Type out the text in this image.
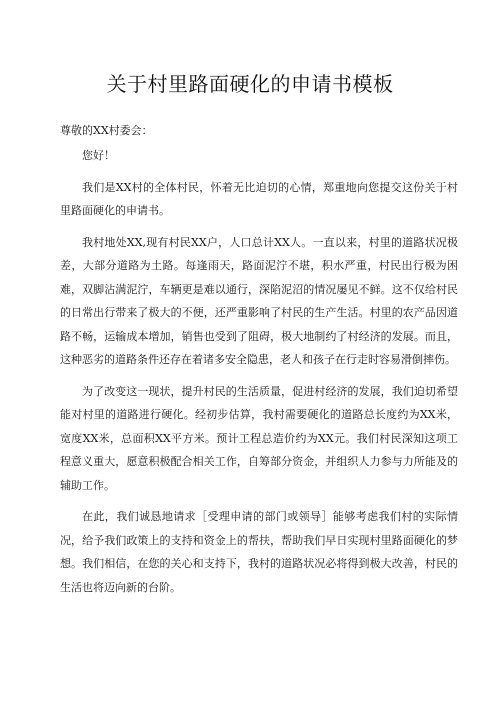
关于村里路面硬化的申请书模板
尊敬的XX村委会：

您好！

我们是XX村的全体村民，怀着无比迫切的心情，郑重地向您提交这份关于村里路面硬化的申请书。

我村地处XX,现有村民XX户，人口总计XX人。一直以来，村里的道路状况极差，大部分道路为土路。每逢雨天，路面泥泞不堪，积水严重，村民出行极为困难，双脚沾满泥泞，车辆更是难以通行，深陷泥沼的情况屡见不鲜。这不仅给村民的日常出行带来了极大的不便，还严重影响了村民的生产生活。村里的农产品因道路不畅，运输成本增加，销售也受到了阻碍，极大地制约了村经济的发展。而且，这种恶劣的道路条件还存在着诸多安全隐患，老人和孩子在行走时容易滑倒摔伤。

为了改变这一现状，提升村民的生活质量，促进村经济的发展，我们迫切希望能对村里的道路进行硬化。经初步估算，我村需要硬化的道路总长度约为XX米，宽度XX米，总面积XX平方米。预计工程总造价约为XX元。我们村民深知这项工程意义重大，愿意积极配合相关工作，自筹部分资金，并组织人力参与力所能及的辅助工作。

在此，我们诚恳地请求［受理申请的部门或领导］能够考虑我们村的实际情况，给予我们政策上的支持和资金上的帮扶，帮助我们早日实现村里路面硬化的梦想。我们相信，在您的关心和支持下，我村的道路状况必将得到极大改善，村民的生活也将迈向新的台阶。
